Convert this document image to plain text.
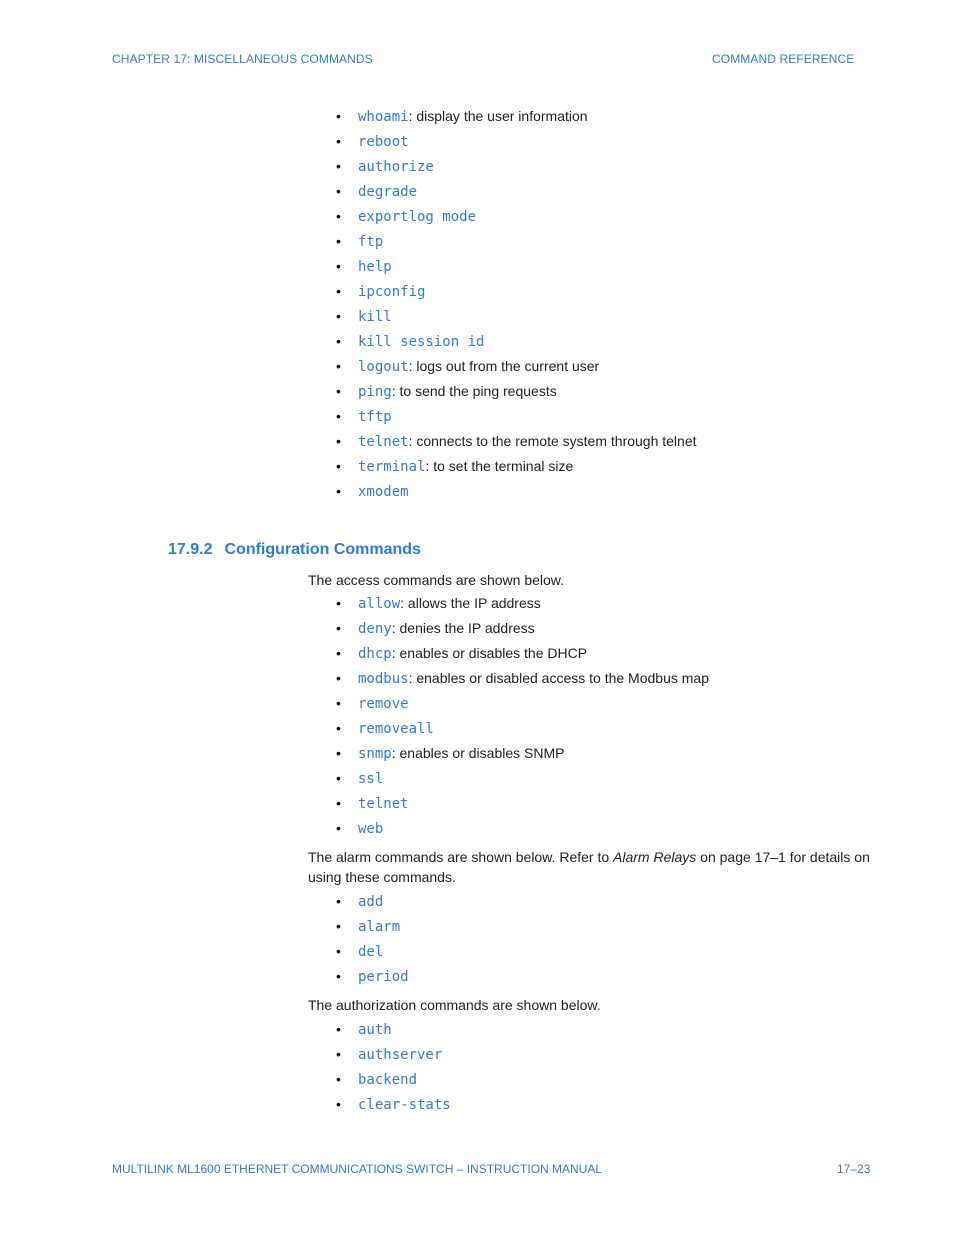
CHAPTER 17: MISCELLANEOUS COMMANDS	COMMAND REFERENCE
• whoami: display the user information
• reboot
• authorize
• degrade
• exportlog mode
• ftp
• help
• ipconfig
• kill
• kill session id
• logout: logs out from the current user
• ping: to send the ping requests
• tftp
• telnet: connects to the remote system through telnet
• terminal: to set the terminal size
• xmodem
17.9.2 Configuration Commands
The access commands are shown below.
• allow: allows the IP address
• deny: denies the IP address
• dhcp: enables or disables the DHCP
• modbus: enables or disabled access to the Modbus map
• remove
• removeall
• snmp: enables or disables SNMP
• ssl
• telnet
• web
The alarm commands are shown below. Refer to Alarm Relays on page 17–1 for details on using these commands.
• add
• alarm
• del
• period
The authorization commands are shown below.
• auth
• authserver
• backend
• clear-stats
MULTILINK ML1600 ETHERNET COMMUNICATIONS SWITCH – INSTRUCTION MANUAL	17–23
